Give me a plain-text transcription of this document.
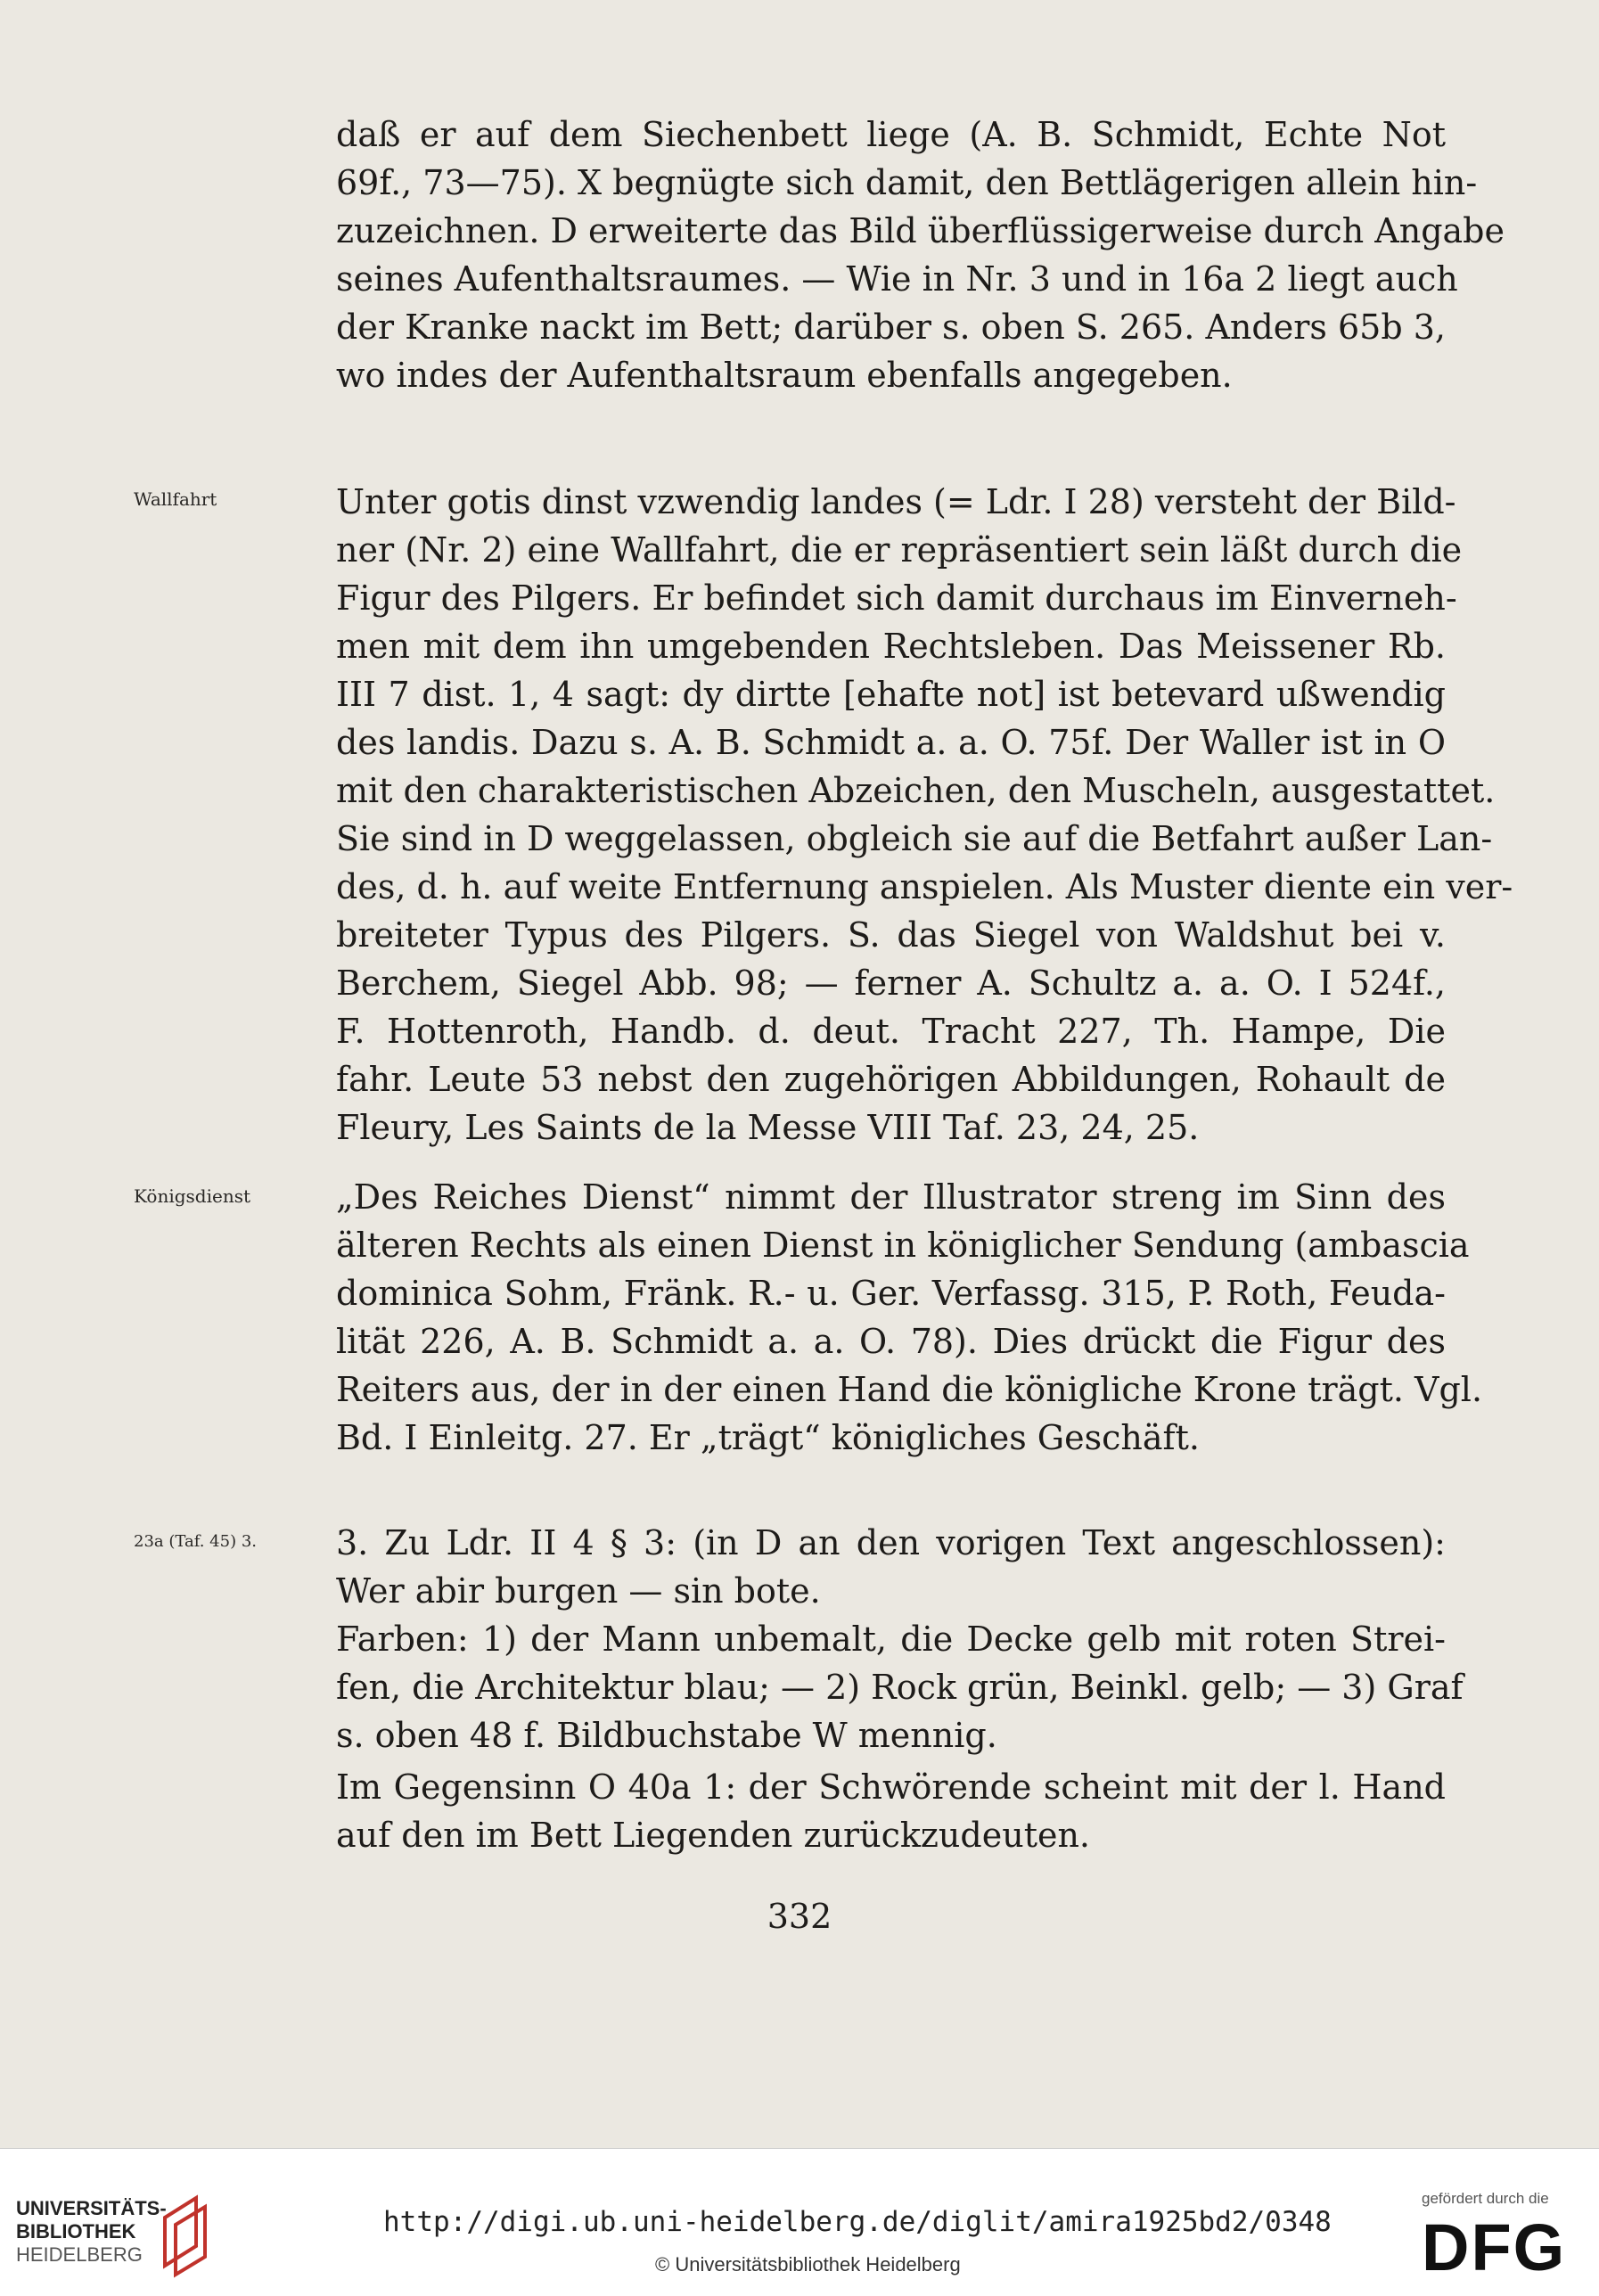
daß er auf dem Siechenbett liege (A. B. Schmidt, Echte Not
69f., 73—75). X begnügte sich damit, den Bettlägerigen allein hin-
zuzeichnen. D erweiterte das Bild überflüssigerweise durch Angabe
seines Aufenthaltsraumes. — Wie in Nr. 3 und in 16a 2 liegt auch
der Kranke nackt im Bett; darüber s. oben S. 265. Anders 65b 3,
wo indes der Aufenthaltsraum ebenfalls angegeben.
Wallfahrt	Unter gotis dinst vzwendig landes (= Ldr. I 28) versteht der Bild-
ner (Nr. 2) eine Wallfahrt, die er repräsentiert sein läßt durch die
Figur des Pilgers. Er befindet sich damit durchaus im Einverneh-
men mit dem ihn umgebenden Rechtsleben. Das Meissener Rb.
III 7 dist. 1, 4 sagt: dy dirtte [ehafte not] ist betevard ußwendig
des landis. Dazu s. A. B. Schmidt a. a. O. 75f. Der Waller ist in O
mit den charakteristischen Abzeichen, den Muscheln, ausgestattet.
Sie sind in D weggelassen, obgleich sie auf die Betfahrt außer Lan-
des, d. h. auf weite Entfernung anspielen. Als Muster diente ein ver-
breiteter Typus des Pilgers. S. das Siegel von Waldshut bei v.
Berchem, Siegel Abb. 98; — ferner A. Schultz a. a. O. I 524f.,
F. Hottenroth, Handb. d. deut. Tracht 227, Th. Hampe, Die
fahr. Leute 53 nebst den zugehörigen Abbildungen, Rohault de
Fleury, Les Saints de la Messe VIII Taf. 23, 24, 25.
Königsdienst	„Des Reiches Dienst“ nimmt der Illustrator streng im Sinn des
älteren Rechts als einen Dienst in königlicher Sendung (ambascia
dominica Sohm, Fränk. R.- u. Ger. Verfassg. 315, P. Roth, Feuda-
lität 226, A. B. Schmidt a. a. O. 78). Dies drückt die Figur des
Reiters aus, der in der einen Hand die königliche Krone trägt. Vgl.
Bd. I Einleitg. 27. Er „trägt“ königliches Geschäft.
23a (Taf. 45) 3.	3. Zu Ldr. II 4 § 3: (in D an den vorigen Text angeschlossen):
Wer abir burgen — sin bote.
Farben: 1) der Mann unbemalt, die Decke gelb mit roten Strei-
fen, die Architektur blau; — 2) Rock grün, Beinkl. gelb; — 3) Graf
s. oben 48 f. Bildbuchstabe W mennig.
Im Gegensinn O 40a 1: der Schwörende scheint mit der l. Hand
auf den im Bett Liegenden zurückzudeuten.
332
UNIVERSITÄTS-
BIBLIOTHEK
HEIDELBERG
http://digi.ub.uni-heidelberg.de/diglit/amira1925bd2/0348
© Universitätsbibliothek Heidelberg
gefördert durch die
DFG
